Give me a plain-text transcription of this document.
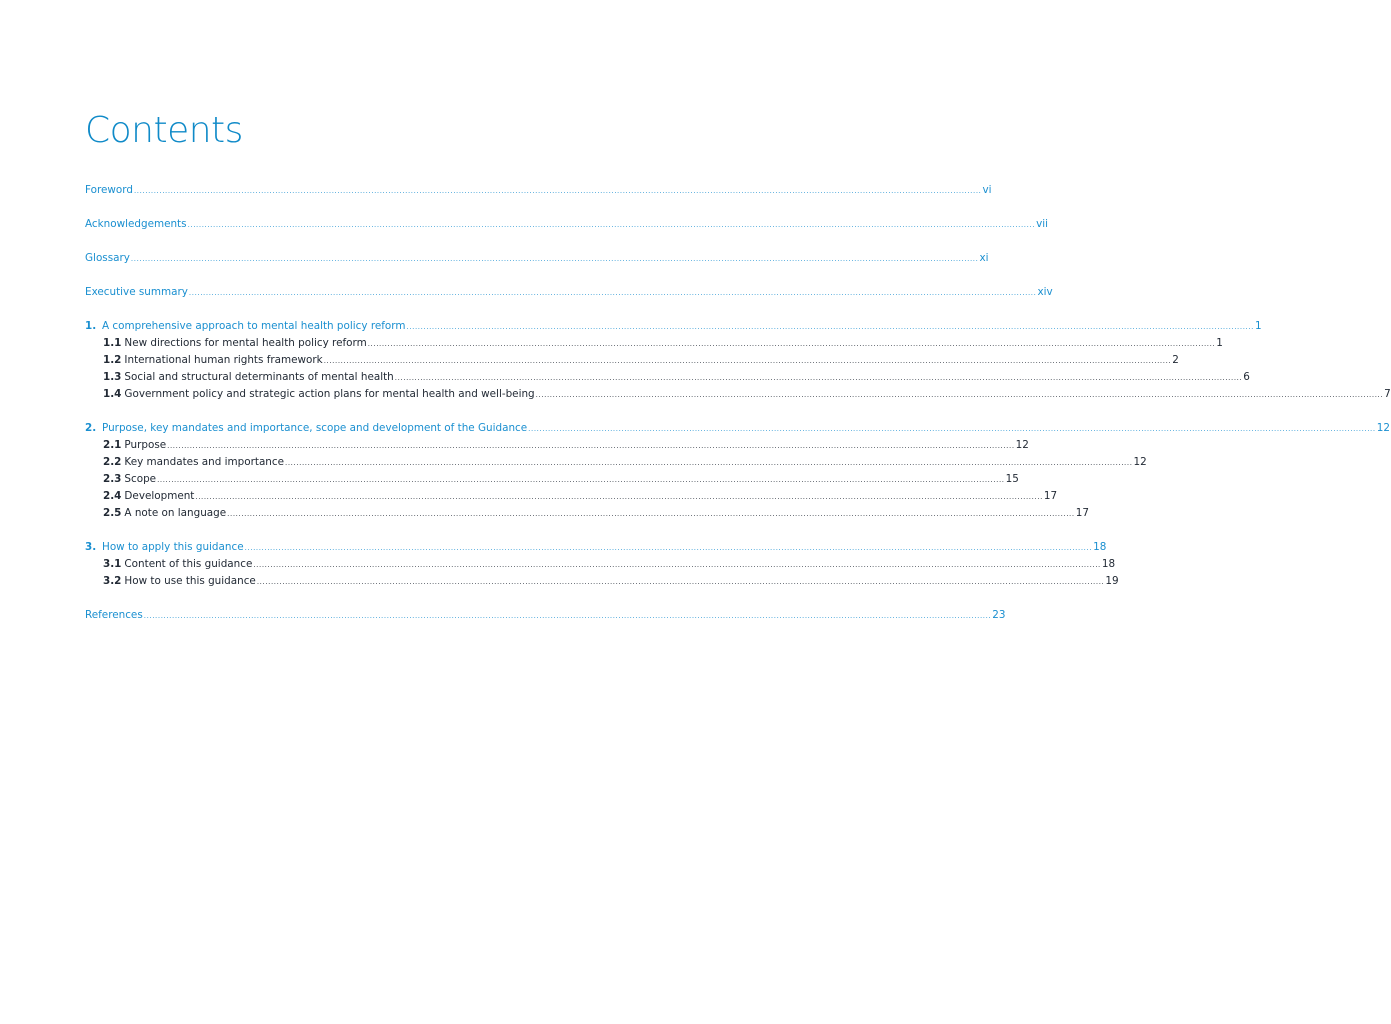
Contents
Foreword ............................................................................................................................................................................................................................................................................................................ vi
Acknowledgements ............................................................................................................................................................................................................................................................................................................ vii
Glossary ............................................................................................................................................................................................................................................................................................................ xi
Executive summary ............................................................................................................................................................................................................................................................................................................ xiv
1. A comprehensive approach to mental health policy reform ............................................................................................................................................................................................................................................................................................................ 1
1.1 New directions for mental health policy reform ............................................................................................................................................................................................................................................................................................................ 1
1.2 International human rights framework ............................................................................................................................................................................................................................................................................................................ 2
1.3 Social and structural determinants of mental health ............................................................................................................................................................................................................................................................................................................ 6
1.4 Government policy and strategic action plans for mental health and well-being ............................................................................................................................................................................................................................................................................................................ 7
2. Purpose, key mandates and importance, scope and development of the Guidance ............................................................................................................................................................................................................................................................................................................ 12
2.1 Purpose ............................................................................................................................................................................................................................................................................................................ 12
2.2 Key mandates and importance ............................................................................................................................................................................................................................................................................................................ 12
2.3 Scope ............................................................................................................................................................................................................................................................................................................ 15
2.4 Development ............................................................................................................................................................................................................................................................................................................ 17
2.5 A note on language ............................................................................................................................................................................................................................................................................................................ 17
3. How to apply this guidance ............................................................................................................................................................................................................................................................................................................ 18
3.1 Content of this guidance ............................................................................................................................................................................................................................................................................................................ 18
3.2 How to use this guidance ............................................................................................................................................................................................................................................................................................................ 19
References ............................................................................................................................................................................................................................................................................................................ 23
